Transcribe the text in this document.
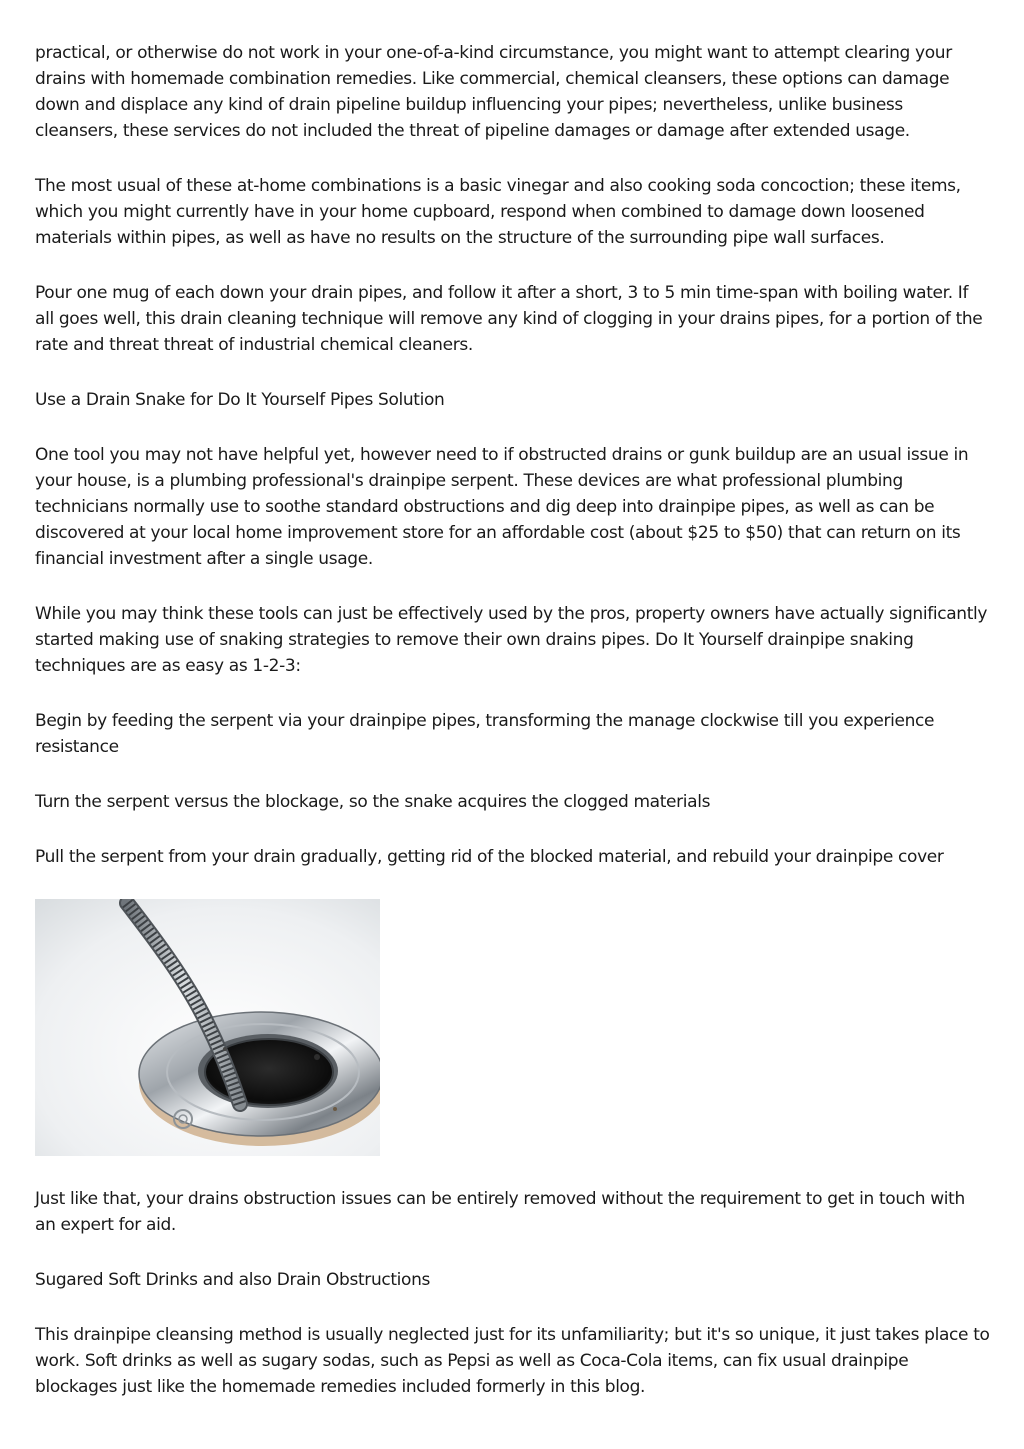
practical, or otherwise do not work in your one-of-a-kind circumstance, you might want to attempt clearing your drains with homemade combination remedies. Like commercial, chemical cleansers, these options can damage down and displace any kind of drain pipeline buildup influencing your pipes; nevertheless, unlike business cleansers, these services do not included the threat of pipeline damages or damage after extended usage.

The most usual of these at-home combinations is a basic vinegar and also cooking soda concoction; these items, which you might currently have in your home cupboard, respond when combined to damage down loosened materials within pipes, as well as have no results on the structure of the surrounding pipe wall surfaces.

Pour one mug of each down your drain pipes, and follow it after a short, 3 to 5 min time-span with boiling water. If all goes well, this drain cleaning technique will remove any kind of clogging in your drains pipes, for a portion of the rate and threat threat of industrial chemical cleaners.

Use a Drain Snake for Do It Yourself Pipes Solution

One tool you may not have helpful yet, however need to if obstructed drains or gunk buildup are an usual issue in your house, is a plumbing professional's drainpipe serpent. These devices are what professional plumbing technicians normally use to soothe standard obstructions and dig deep into drainpipe pipes, as well as can be discovered at your local home improvement store for an affordable cost (about $25 to $50) that can return on its financial investment after a single usage.

While you may think these tools can just be effectively used by the pros, property owners have actually significantly started making use of snaking strategies to remove their own drains pipes. Do It Yourself drainpipe snaking techniques are as easy as 1-2-3:

Begin by feeding the serpent via your drainpipe pipes, transforming the manage clockwise till you experience resistance

Turn the serpent versus the blockage, so the snake acquires the clogged materials

Pull the serpent from your drain gradually, getting rid of the blocked material, and rebuild your drainpipe cover

Just like that, your drains obstruction issues can be entirely removed without the requirement to get in touch with an expert for aid.

Sugared Soft Drinks and also Drain Obstructions

This drainpipe cleansing method is usually neglected just for its unfamiliarity; but it's so unique, it just takes place to work. Soft drinks as well as sugary sodas, such as Pepsi as well as Coca-Cola items, can fix usual drainpipe blockages just like the homemade remedies included formerly in this blog.
